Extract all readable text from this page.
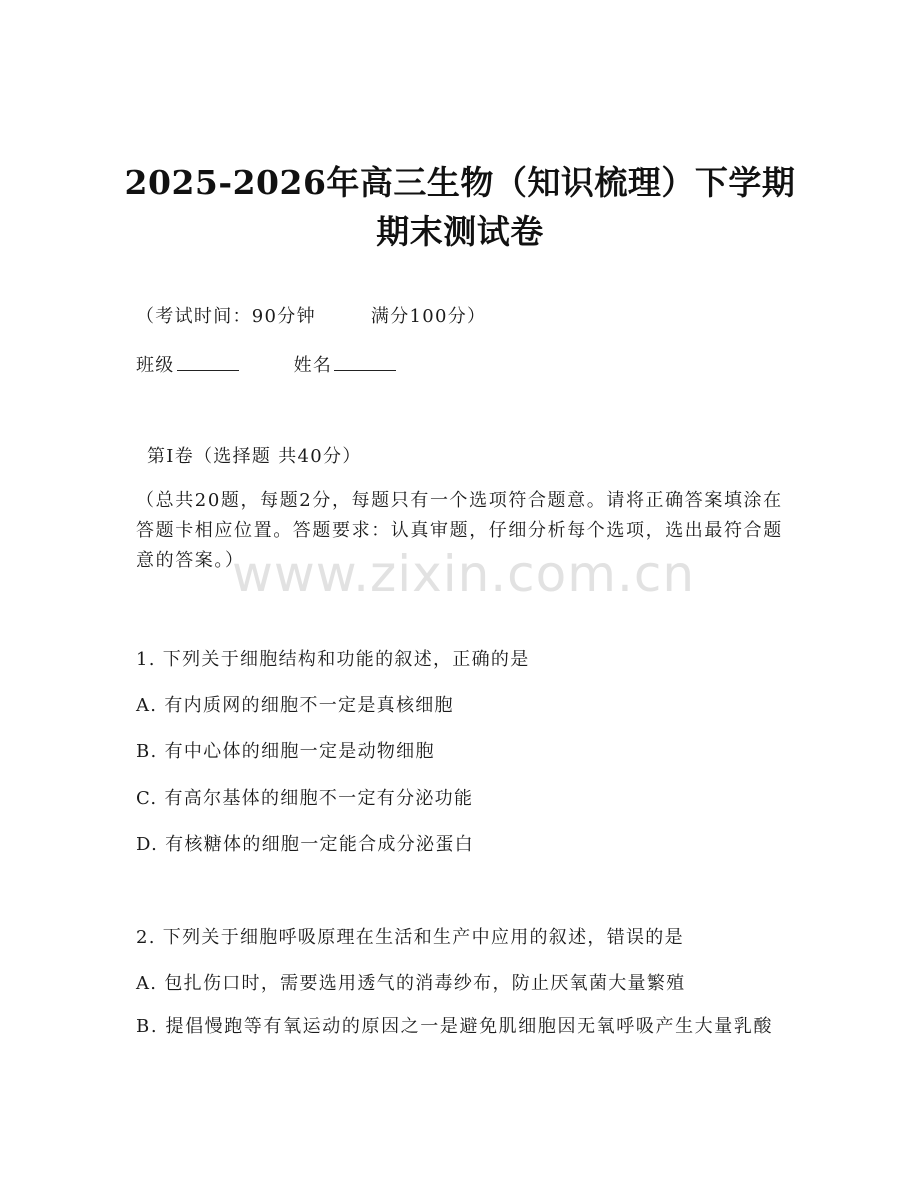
2025-2026年高三生物（知识梳理）下学期
期末测试卷
（考试时间：90分钟	满分100分）
班级	姓名
第Ⅰ卷（选择题 共40分）
（总共20题，每题2分，每题只有一个选项符合题意。请将正确答案填涂在答题卡相应位置。答题要求：认真审题，仔细分析每个选项，选出最符合题意的答案。）
www.zixin.com.cn
1. 下列关于细胞结构和功能的叙述，正确的是
A. 有内质网的细胞不一定是真核细胞
B. 有中心体的细胞一定是动物细胞
C. 有高尔基体的细胞不一定有分泌功能
D. 有核糖体的细胞一定能合成分泌蛋白
2. 下列关于细胞呼吸原理在生活和生产中应用的叙述，错误的是
A. 包扎伤口时，需要选用透气的消毒纱布，防止厌氧菌大量繁殖
B. 提倡慢跑等有氧运动的原因之一是避免肌细胞因无氧呼吸产生大量乳酸
